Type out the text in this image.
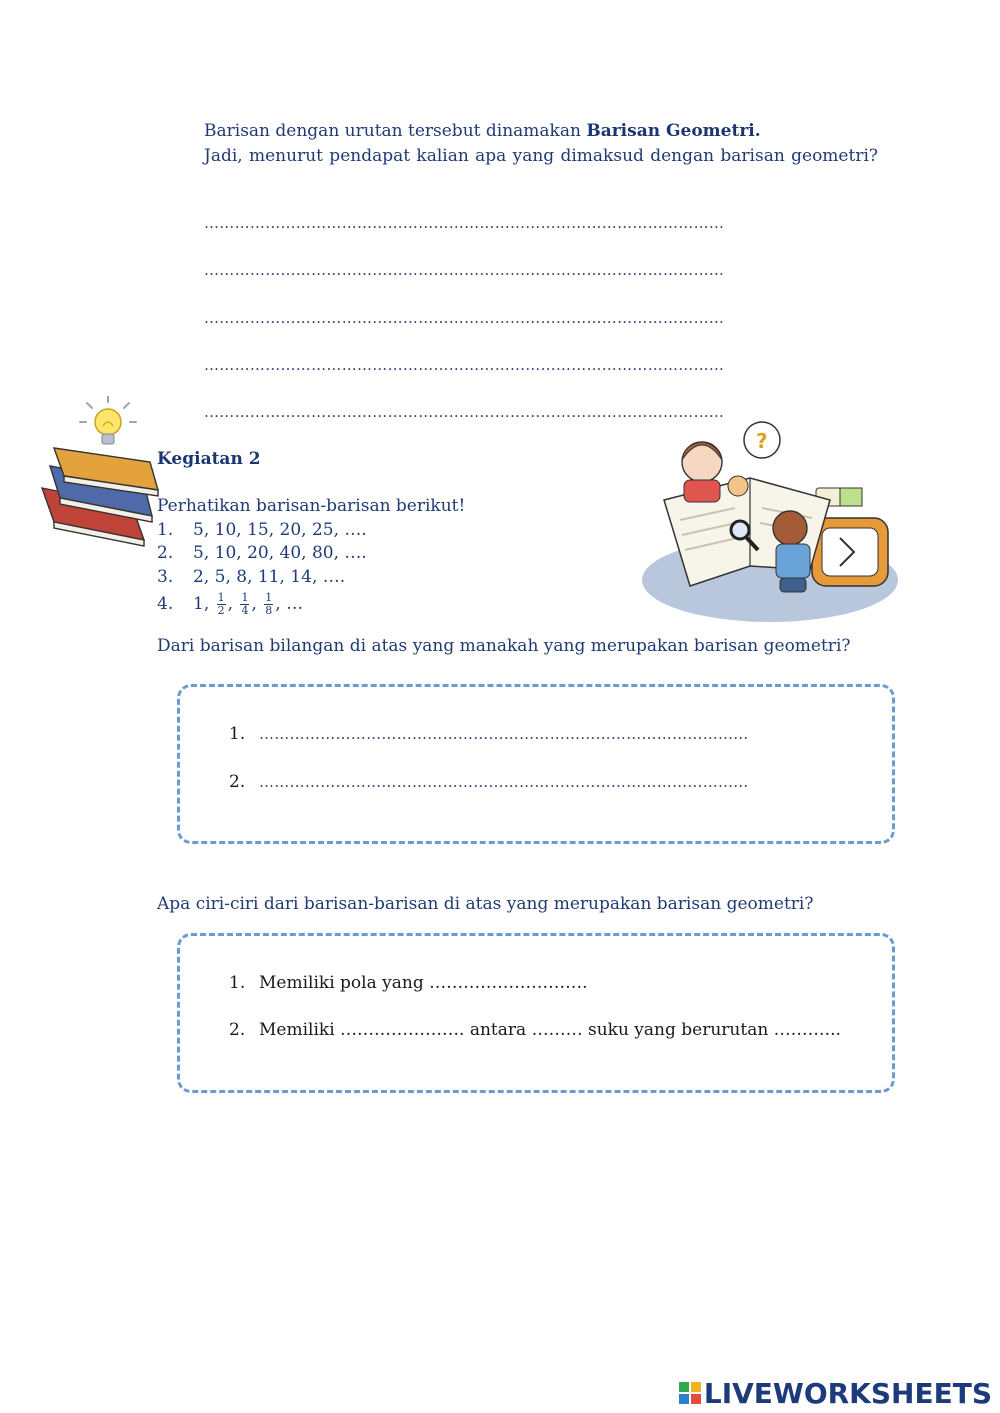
Barisan dengan urutan tersebut dinamakan Barisan Geometri.
Jadi, menurut pendapat kalian apa yang dimaksud dengan barisan geometri?
…………………………………………………………………………………………
…………………………………………………………………………………………
…………………………………………………………………………………………
…………………………………………………………………………………………
…………………………………………………………………………………………
Kegiatan 2
Perhatikan barisan-barisan berikut!
1. 5, 10, 15, 20, 25, ….
2. 5, 10, 20, 40, 80, ….
3. 2, 5, 8, 11, 14, ….
4. 1, $\frac{1}{2}$ , $\frac{1}{4}$ , $\frac{1}{8}$ , …
?
Dari barisan bilangan di atas yang manakah yang merupakan barisan geometri?
1. ……………………………………………………………………………………
2. ……………………………………………………………………………………
Apa ciri-ciri dari barisan-barisan di atas yang merupakan barisan geometri?
1. Memiliki pola yang ……………………….
2. Memiliki …………………. antara ……… suku yang berurutan ………...
LIVEWORKSHEETS
